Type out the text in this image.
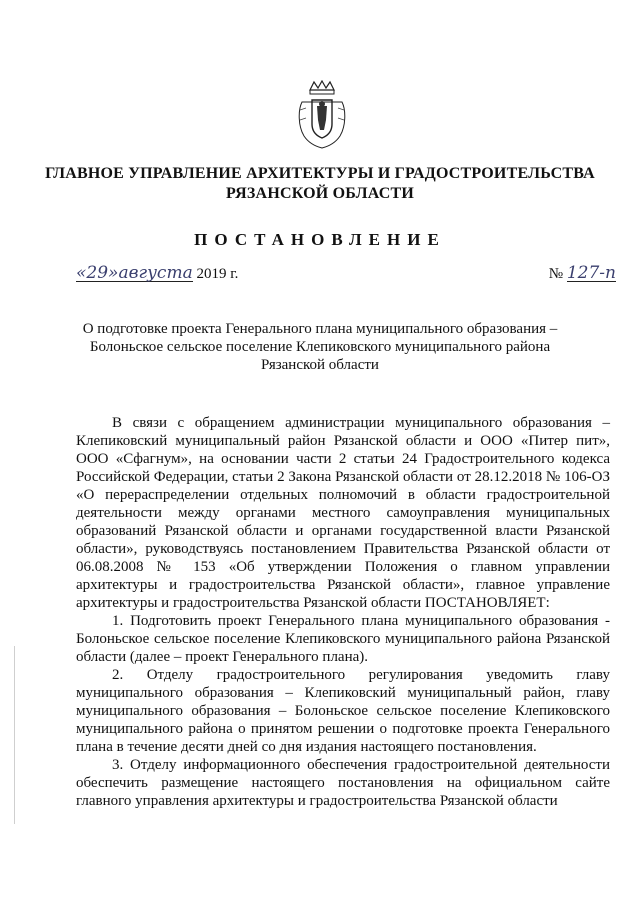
ГЛАВНОЕ УПРАВЛЕНИЕ АРХИТЕКТУРЫ И ГРАДОСТРОИТЕЛЬСТВА
РЯЗАНСКОЙ ОБЛАСТИ
ПОСТАНОВЛЕНИЕ
«29»августа 2019 г.	№ 127-п
О подготовке проекта Генерального плана муниципального образования –
Болоньское сельское поселение Клепиковского муниципального района
Рязанской области

В связи с обращением администрации муниципального образования – Клепиковский муниципальный район Рязанской области и ООО «Питер пит», ООО «Сфагнум», на основании части 2 статьи 24 Градостроительного кодекса Российской Федерации, статьи 2 Закона Рязанской области от 28.12.2018 № 106-ОЗ «О перераспределении отдельных полномочий в области градостроительной деятельности между органами местного самоуправления муниципальных образований Рязанской области и органами государственной власти Рязанской области», руководствуясь постановлением Правительства Рязанской области от 06.08.2008 № 153 «Об утверждении Положения о главном управлении архитектуры и градостроительства Рязанской области», главное управление архитектуры и градостроительства Рязанской области ПОСТАНОВЛЯЕТ:

1. Подготовить проект Генерального плана муниципального образования - Болоньское сельское поселение Клепиковского муниципального района Рязанской области (далее – проект Генерального плана).

2. Отделу градостроительного регулирования уведомить главу муниципального образования – Клепиковский муниципальный район, главу муниципального образования – Болоньское сельское поселение Клепиковского муниципального района о принятом решении о подготовке проекта Генерального плана в течение десяти дней со дня издания настоящего постановления.

3. Отделу информационного обеспечения градостроительной деятельности обеспечить размещение настоящего постановления на официальном сайте главного управления архитектуры и градостроительства Рязанской области
